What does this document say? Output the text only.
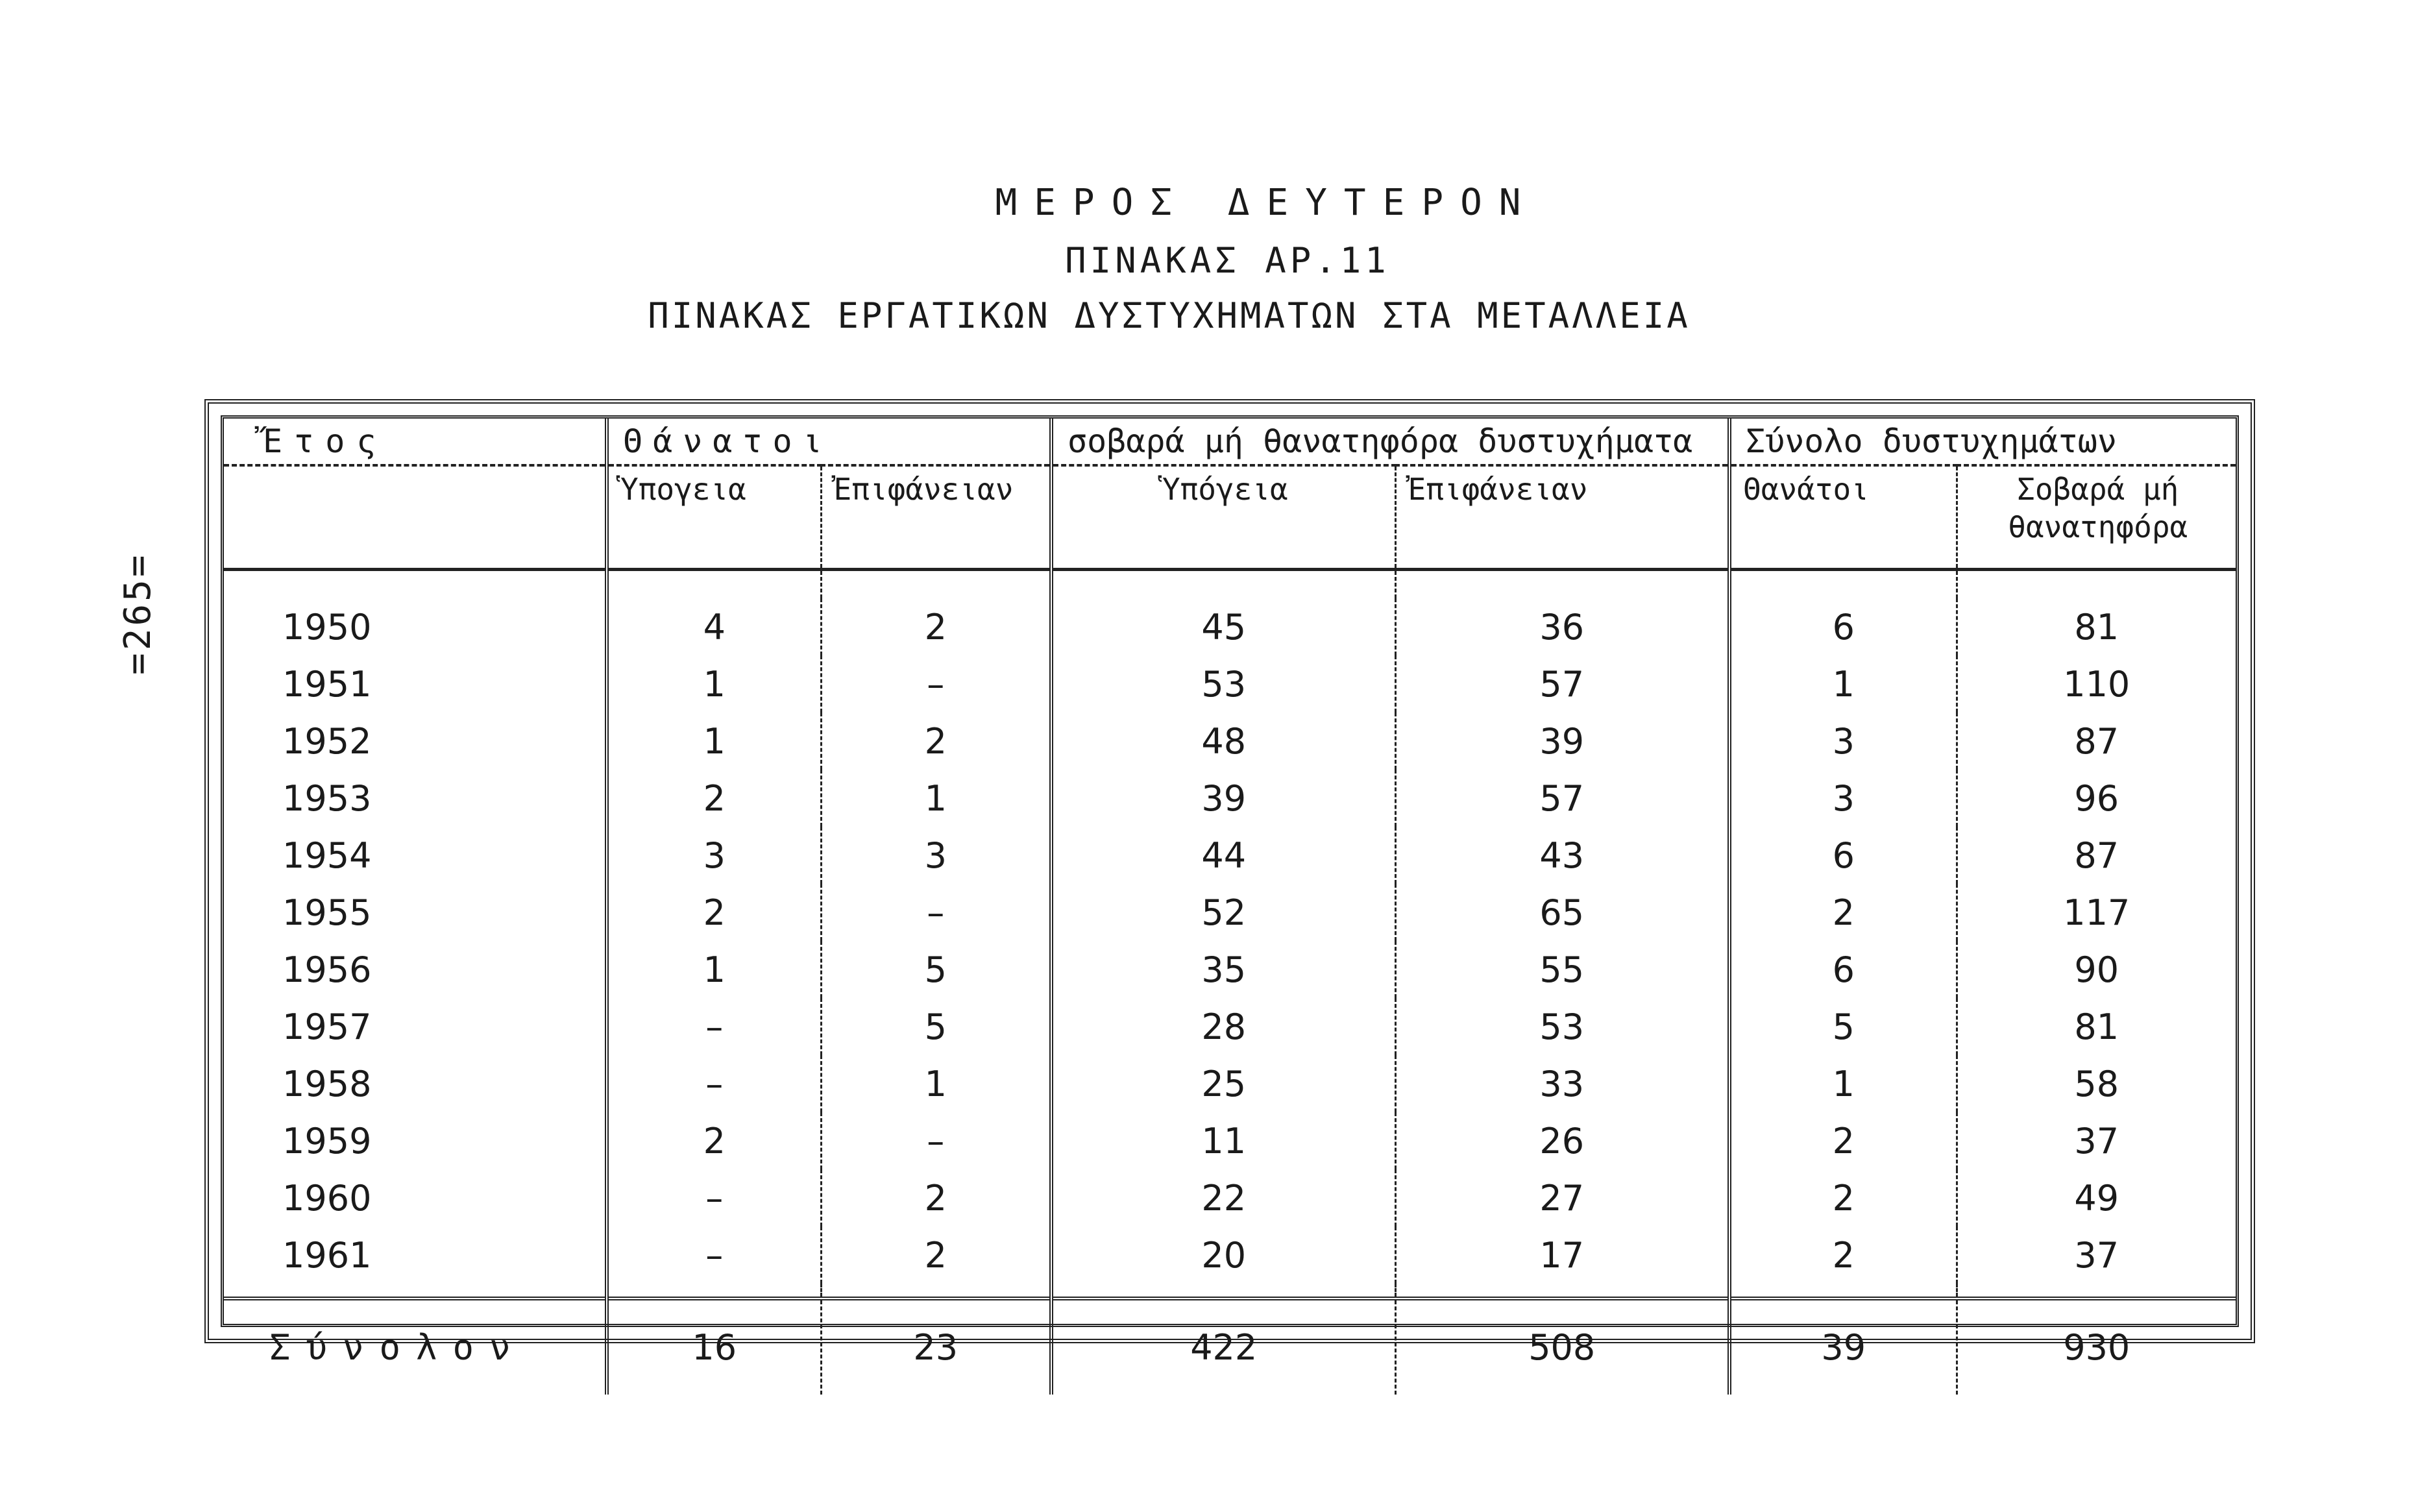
=265=
ΜΕΡΟΣ ΔΕΥΤΕΡΟΝ
ΠΙΝΑΚΑΣ ΑΡ.11
ΠΙΝΑΚΑΣ ΕΡΓΑΤΙΚΩΝ ΔΥΣΤΥΧΗΜΑΤΩΝ ΣΤΑ ΜΕΤΑΛΛΕΙΑ
Ἔτος	Θάνατοι		σοβαρά μή θανατηφόρα δυστυχήματα		Σύνολο δυστυχημάτων	
	Ὑπογεια	Ἐπιφάνειαν	Ὑπόγεια	Ἐπιφάνειαν	Θανάτοι	Σοβαρά μή θανατηφόρα

1950	4	2	45	36	6	81
1951	1	–	53	57	1	110
1952	1	2	48	39	3	87
1953	2	1	39	57	3	96
1954	3	3	44	43	6	87
1955	2	–	52	65	2	117
1956	1	5	35	55	6	90
1957	–	5	28	53	5	81
1958	–	1	25	33	1	58
1959	2	–	11	26	2	37
1960	–	2	22	27	2	49
1961	–	2	20	17	2	37

Σύνολον	16	23	422	508	39	930
